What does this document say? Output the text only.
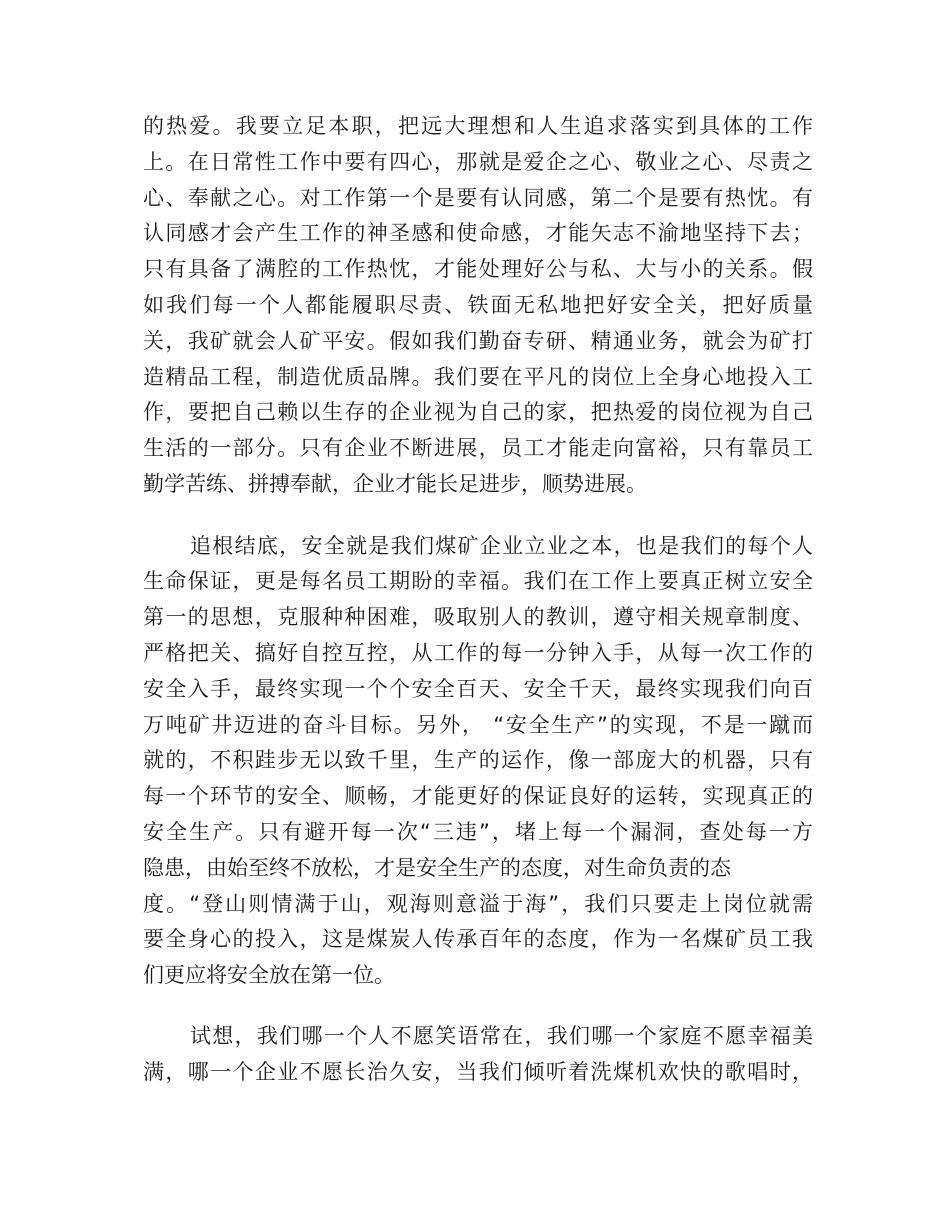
的热爱。我要立足本职，把远大理想和人生追求落实到具体的工作
上。在日常性工作中要有四心，那就是爱企之心、敬业之心、尽责之
心、奉献之心。对工作第一个是要有认同感，第二个是要有热忱。有
认同感才会产生工作的神圣感和使命感，才能矢志不渝地坚持下去；
只有具备了满腔的工作热忱，才能处理好公与私、大与小的关系。假
如我们每一个人都能履职尽责、铁面无私地把好安全关，把好质量
关，我矿就会人矿平安。假如我们勤奋专研、精通业务，就会为矿打
造精品工程，制造优质品牌。我们要在平凡的岗位上全身心地投入工
作，要把自己赖以生存的企业视为自己的家，把热爱的岗位视为自己
生活的一部分。只有企业不断进展，员工才能走向富裕，只有靠员工
勤学苦练、拼搏奉献，企业才能长足进步，顺势进展。
追根结底，安全就是我们煤矿企业立业之本，也是我们的每个人
生命保证，更是每名员工期盼的幸福。我们在工作上要真正树立安全
第一的思想，克服种种困难，吸取别人的教训，遵守相关规章制度、
严格把关、搞好自控互控，从工作的每一分钟入手，从每一次工作的
安全入手，最终实现一个个安全百天、安全千天，最终实现我们向百
万吨矿井迈进的奋斗目标。另外， “安全生产”的实现，不是一蹴而
就的，不积跬步无以致千里，生产的运作，像一部庞大的机器，只有
每一个环节的安全、顺畅，才能更好的保证良好的运转，实现真正的
安全生产。只有避开每一次“三违”，堵上每一个漏洞，查处每一方
隐患，由始至终不放松，才是安全生产的态度，对生命负责的态
度。“登山则情满于山，观海则意溢于海”，我们只要走上岗位就需
要全身心的投入，这是煤炭人传承百年的态度，作为一名煤矿员工我
们更应将安全放在第一位。
试想，我们哪一个人不愿笑语常在，我们哪一个家庭不愿幸福美
满，哪一个企业不愿长治久安，当我们倾听着洗煤机欢快的歌唱时，
